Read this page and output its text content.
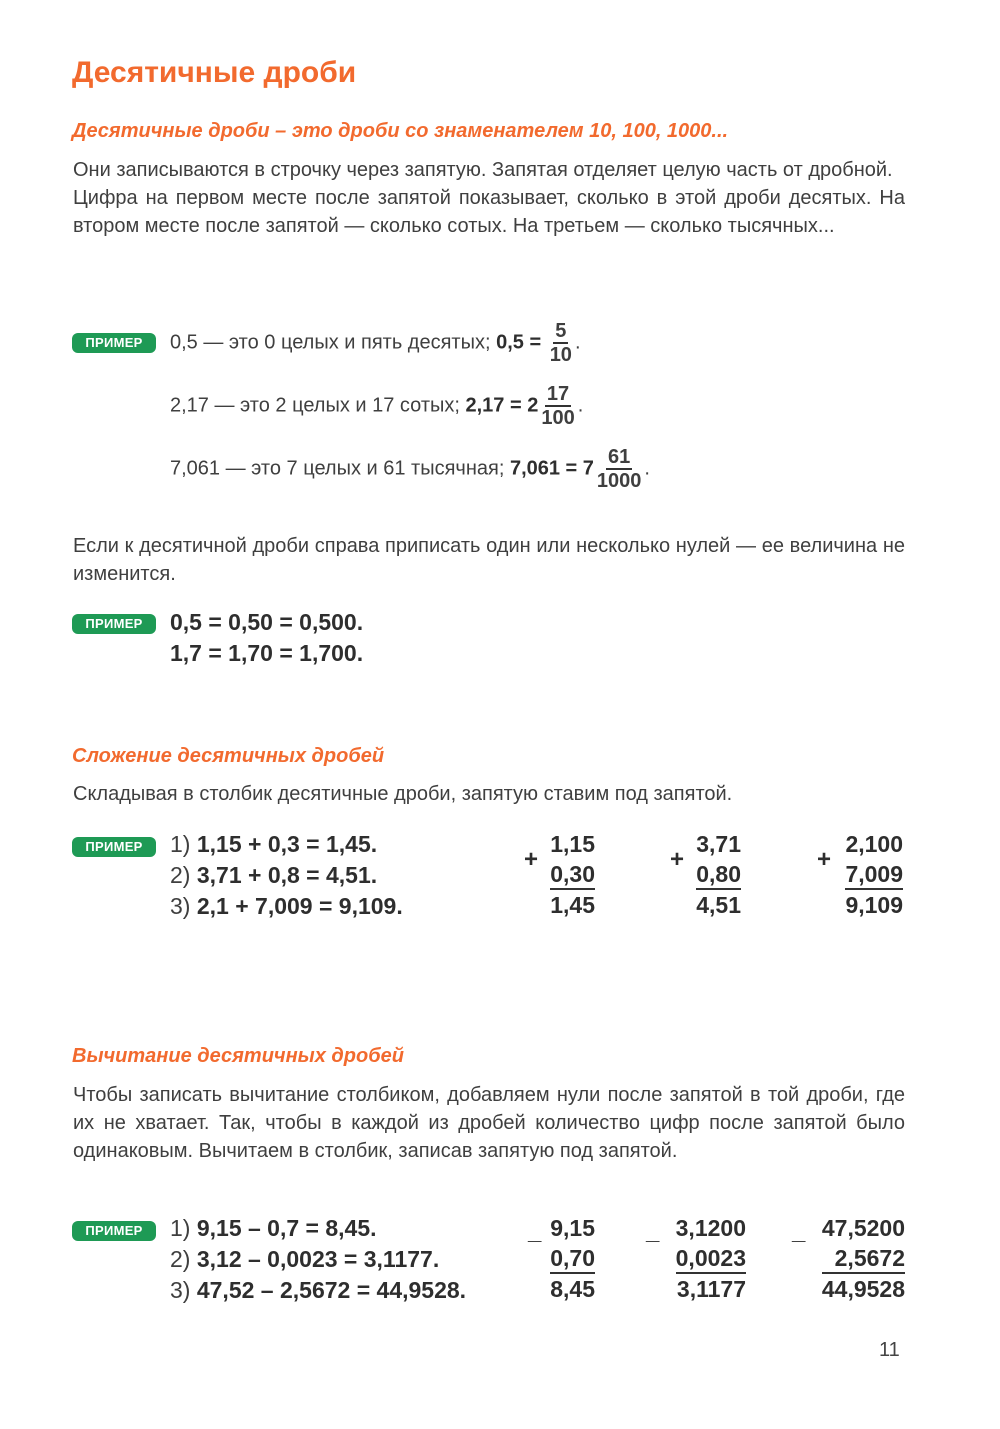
Десятичные дроби
Десятичные дроби – это дроби со знаменателем 10, 100, 1000...

Они записываются в строчку через запятую. Запятая отделяет целую часть от дробной.

Цифра на первом месте после запятой показывает, сколько в этой дроби десятых. На втором месте после запятой — сколько сотых. На третьем — сколько тысячных...

ПРИМЕР	0,5 — это 0 целых и пять десятых; $0,5 = \frac{5}{10}$ .
2,17 — это 2 целых и 17 сотых; $2,17 = 2 \frac{17}{100}$ .
7,061 — это 7 целых и 61 тысячная; $7,061 = 7 \frac{61}{1000}$ .
Если к десятичной дроби справа приписать один или несколько нулей — ее величина не изменится.
ПРИМЕР	0,5 = 0,50 = 0,500.
1,7 = 1,70 = 1,700.
Сложение десятичных дробей
Складывая в столбик десятичные дроби, запятую ставим под запятой.
ПРИМЕР	1) 1,15 + 0,3 = 1,45.
2) 3,71 + 0,8 = 4,51.
3) 2,1 + 7,009 = 9,109.
+
1,15
0,30
1,45
+
3,71
0,80
4,51
+
2,100
7,009
9,109
Вычитание десятичных дробей
Чтобы записать вычитание столбиком, добавляем нули после запятой в той дроби, где их не хватает. Так, чтобы в каждой из дробей количество цифр после запятой было одинаковым. Вычитаем в столбик, записав запятую под запятой.
ПРИМЕР	1) 9,15 – 0,7 = 8,45.
2) 3,12 – 0,0023 = 3,1177.
3) 47,52 – 2,5672 = 44,9528.
_ 9,15
0,70
8,45
_ 3,1200
0,0023
3,1177
_ 47,5200
2,5672
44,9528
11
